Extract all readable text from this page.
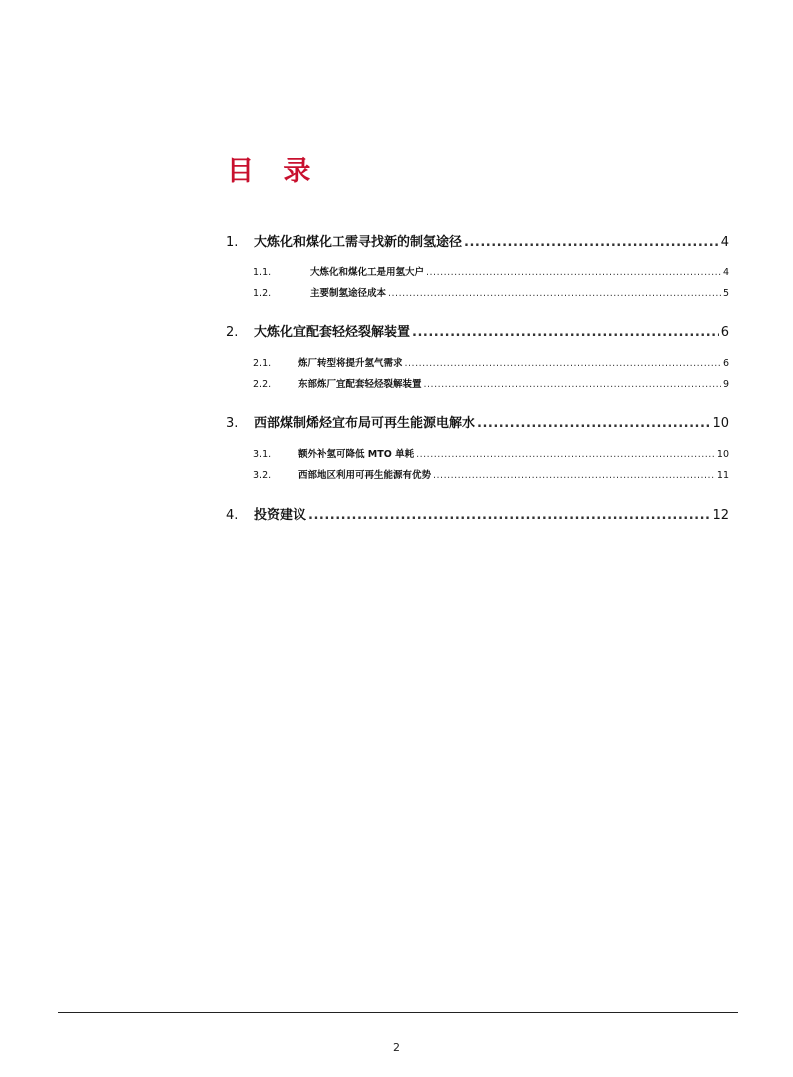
目 录
1.	大炼化和煤化工需寻找新的制氢途径 .....	4
1.1.	大炼化和煤化工是用氢大户 .....	4
1.2.	主要制氢途径成本 .....	5
2.	大炼化宜配套轻烃裂解装置 .....	6
2.1.	炼厂转型将提升氢气需求 .....	6
2.2.	东部炼厂宜配套轻烃裂解装置 .....	9
3.	西部煤制烯烃宜布局可再生能源电解水 .....	10
3.1.	额外补氢可降低 MTO 单耗 .....	10
3.2.	西部地区利用可再生能源有优势 .....	11
4.	投资建议 .....	12
2
